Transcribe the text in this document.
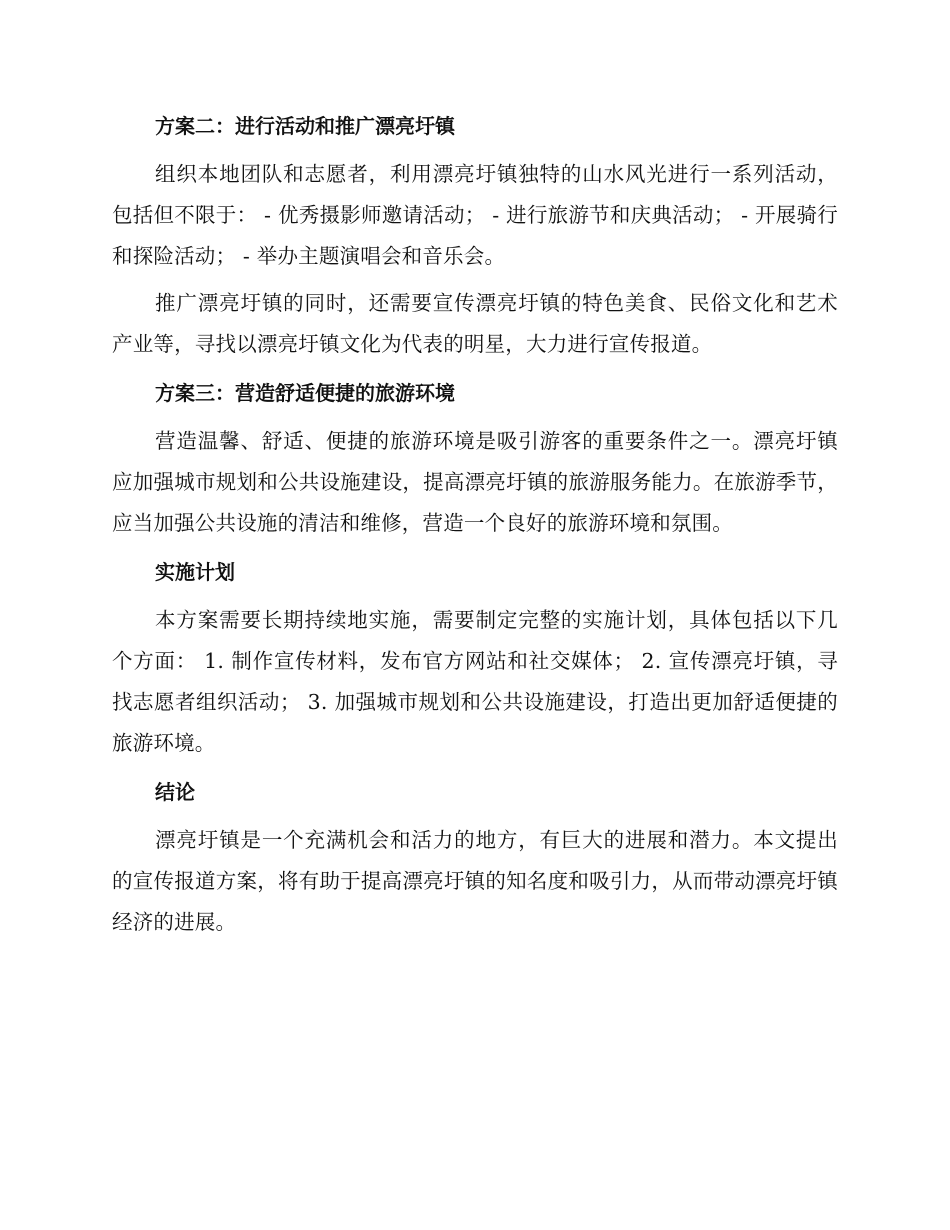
方案二：进行活动和推广漂亮圩镇

组织本地团队和志愿者，利用漂亮圩镇独特的山水风光进行一系列活动，包括但不限于： - 优秀摄影师邀请活动； - 进行旅游节和庆典活动； - 开展骑行和探险活动； - 举办主题演唱会和音乐会。

推广漂亮圩镇的同时，还需要宣传漂亮圩镇的特色美食、民俗文化和艺术产业等，寻找以漂亮圩镇文化为代表的明星，大力进行宣传报道。

方案三：营造舒适便捷的旅游环境

营造温馨、舒适、便捷的旅游环境是吸引游客的重要条件之一。漂亮圩镇应加强城市规划和公共设施建设，提高漂亮圩镇的旅游服务能力。在旅游季节，应当加强公共设施的清洁和维修，营造一个良好的旅游环境和氛围。

实施计划

本方案需要长期持续地实施，需要制定完整的实施计划，具体包括以下几个方面： 1. 制作宣传材料，发布官方网站和社交媒体； 2. 宣传漂亮圩镇，寻找志愿者组织活动； 3. 加强城市规划和公共设施建设，打造出更加舒适便捷的旅游环境。

结论

漂亮圩镇是一个充满机会和活力的地方，有巨大的进展和潜力。本文提出的宣传报道方案，将有助于提高漂亮圩镇的知名度和吸引力，从而带动漂亮圩镇经济的进展。
